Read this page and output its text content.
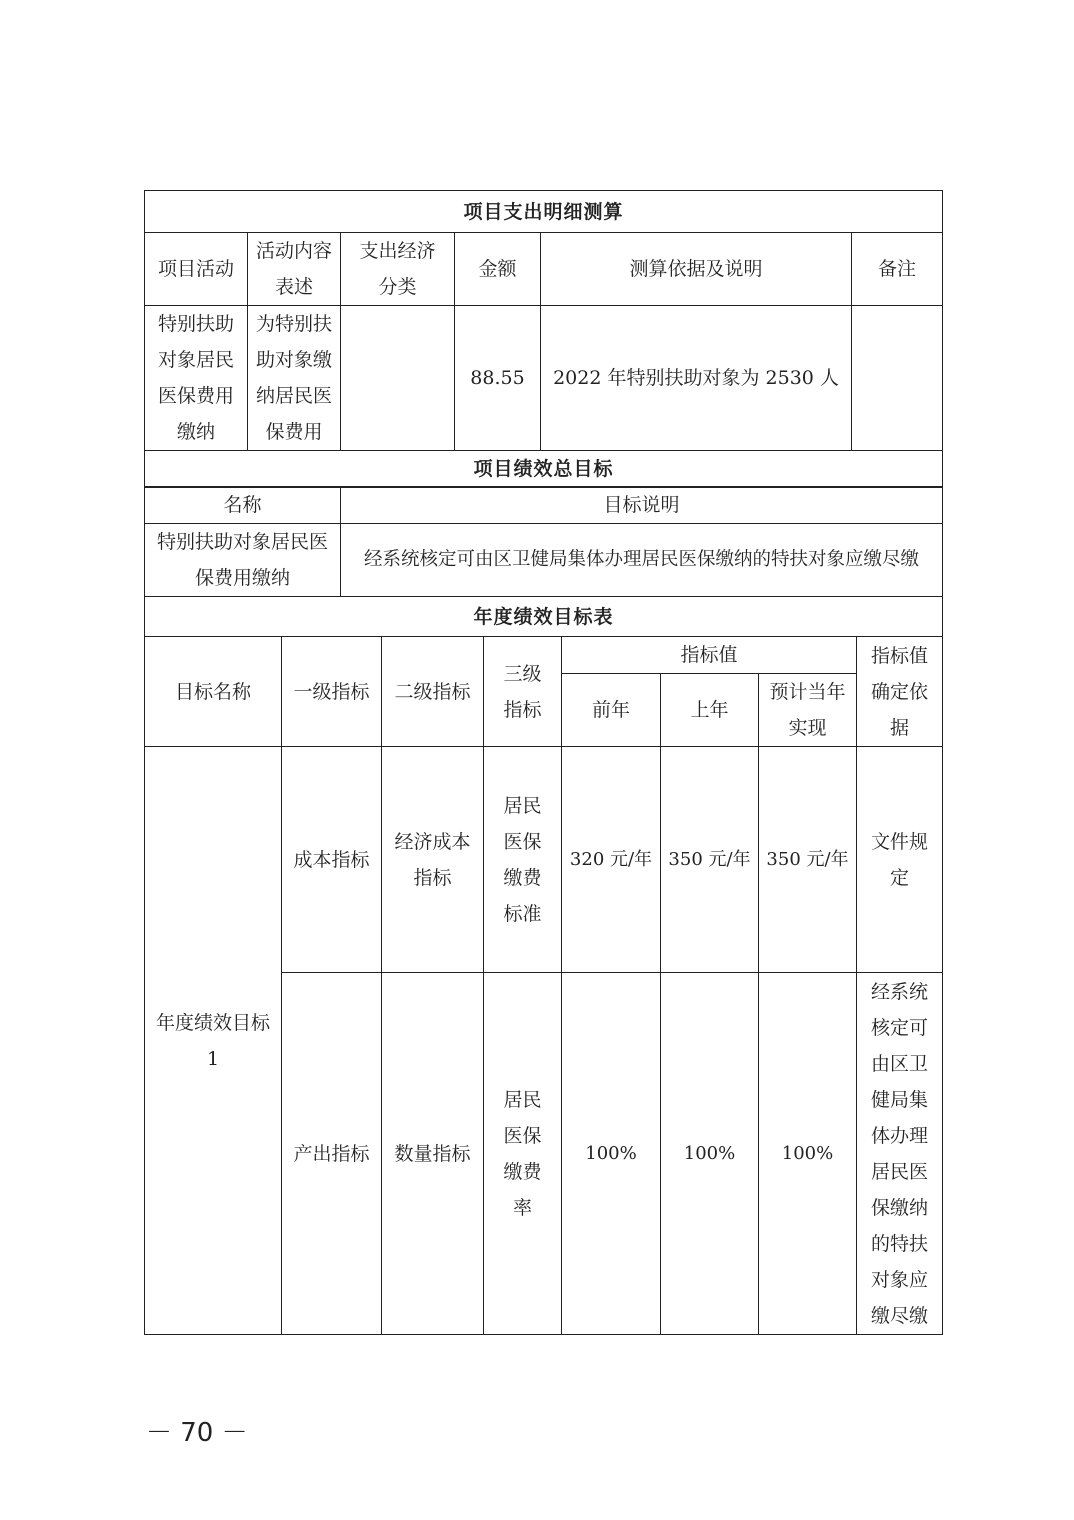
项目支出明细测算					
项目活动	活动内容表述	支出经济分类	金额	测算依据及说明	备注
特别扶助对象居民医保费用缴纳	为特别扶助对象缴纳居民医保费用		88.55	2022 年特别扶助对象为 2530 人	
项目绩效总目标					
名称	目标说明
特别扶助对象居民医保费用缴纳	经系统核定可由区卫健局集体办理居民医保缴纳的特扶对象应缴尽缴
年度绩效目标表	
目标名称	一级指标	二级指标	三级指标	指标值			指标值确定依据
				前年	上年	预计当年实现	
年度绩效目标1	成本指标	经济成本指标	居民医保缴费标准	320 元/年	350 元/年	350 元/年	文件规定
	产出指标	数量指标	居民医保缴费率	100%	100%	100%	经系统核定可由区卫健局集体办理居民医保缴纳的特扶对象应缴尽缴
－ 70 －
